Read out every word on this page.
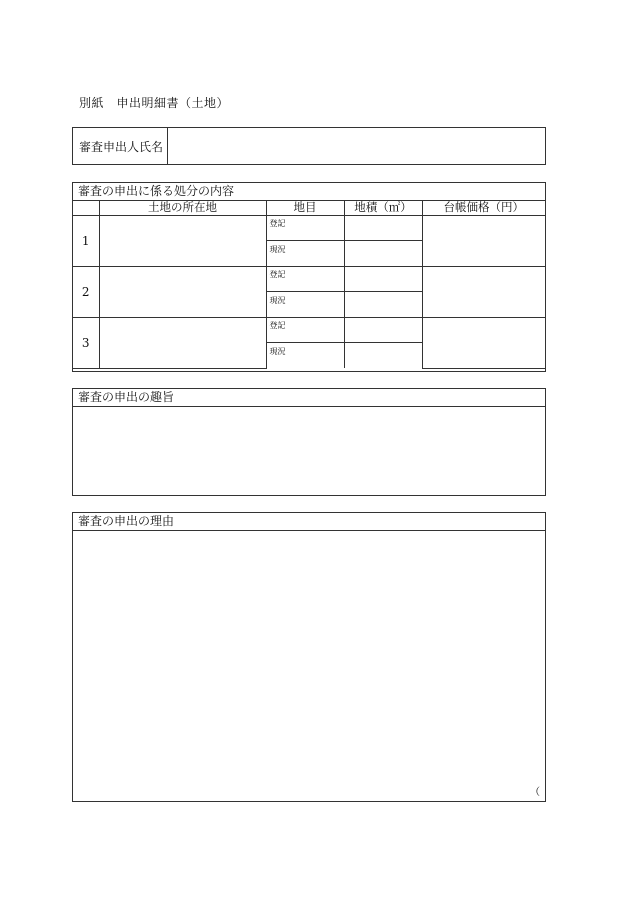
別紙　申出明細書（土地）
審査申出人氏名
審査の申出に係る処分の内容
	土地の所在地	地目	地積（㎡）	台帳価格（円）
1		登記		
		現況		
2		登記		
		現況		
3		登記		
		現況		
審査の申出の趣旨
審査の申出の理由
（
